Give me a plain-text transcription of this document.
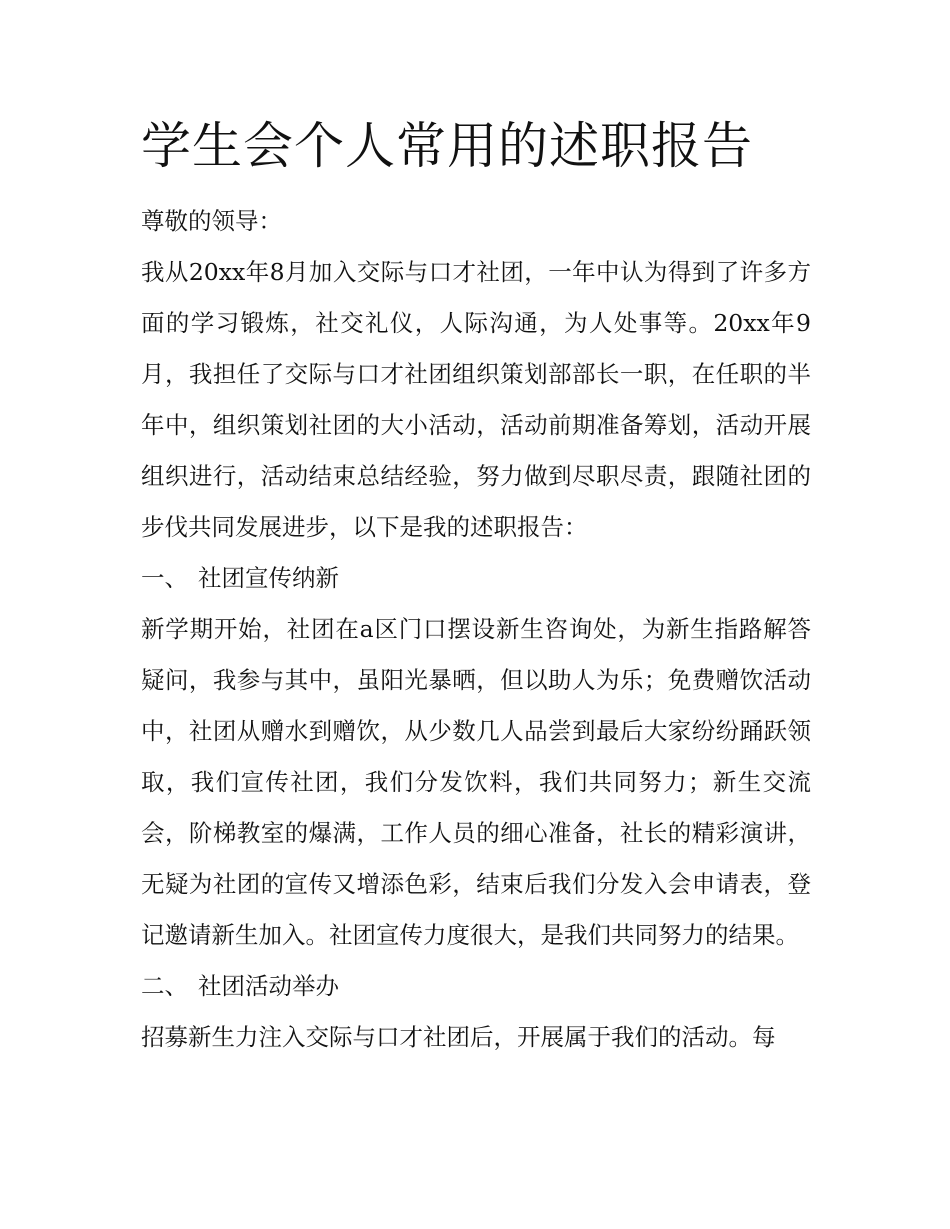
学生会个人常用的述职报告

尊敬的领导：

我从20xx年8月加入交际与口才社团，一年中认为得到了许多方面的学习锻炼，社交礼仪，人际沟通，为人处事等。20xx年9月，我担任了交际与口才社团组织策划部部长一职，在任职的半年中，组织策划社团的大小活动，活动前期准备筹划，活动开展组织进行，活动结束总结经验，努力做到尽职尽责，跟随社团的步伐共同发展进步，以下是我的述职报告：

一、 社团宣传纳新

新学期开始，社团在a区门口摆设新生咨询处，为新生指路解答疑问，我参与其中，虽阳光暴晒，但以助人为乐；免费赠饮活动中，社团从赠水到赠饮，从少数几人品尝到最后大家纷纷踊跃领取，我们宣传社团，我们分发饮料，我们共同努力；新生交流会，阶梯教室的爆满，工作人员的细心准备，社长的精彩演讲，无疑为社团的宣传又增添色彩，结束后我们分发入会申请表，登记邀请新生加入。社团宣传力度很大，是我们共同努力的结果。

二、 社团活动举办

招募新生力注入交际与口才社团后，开展属于我们的活动。每
